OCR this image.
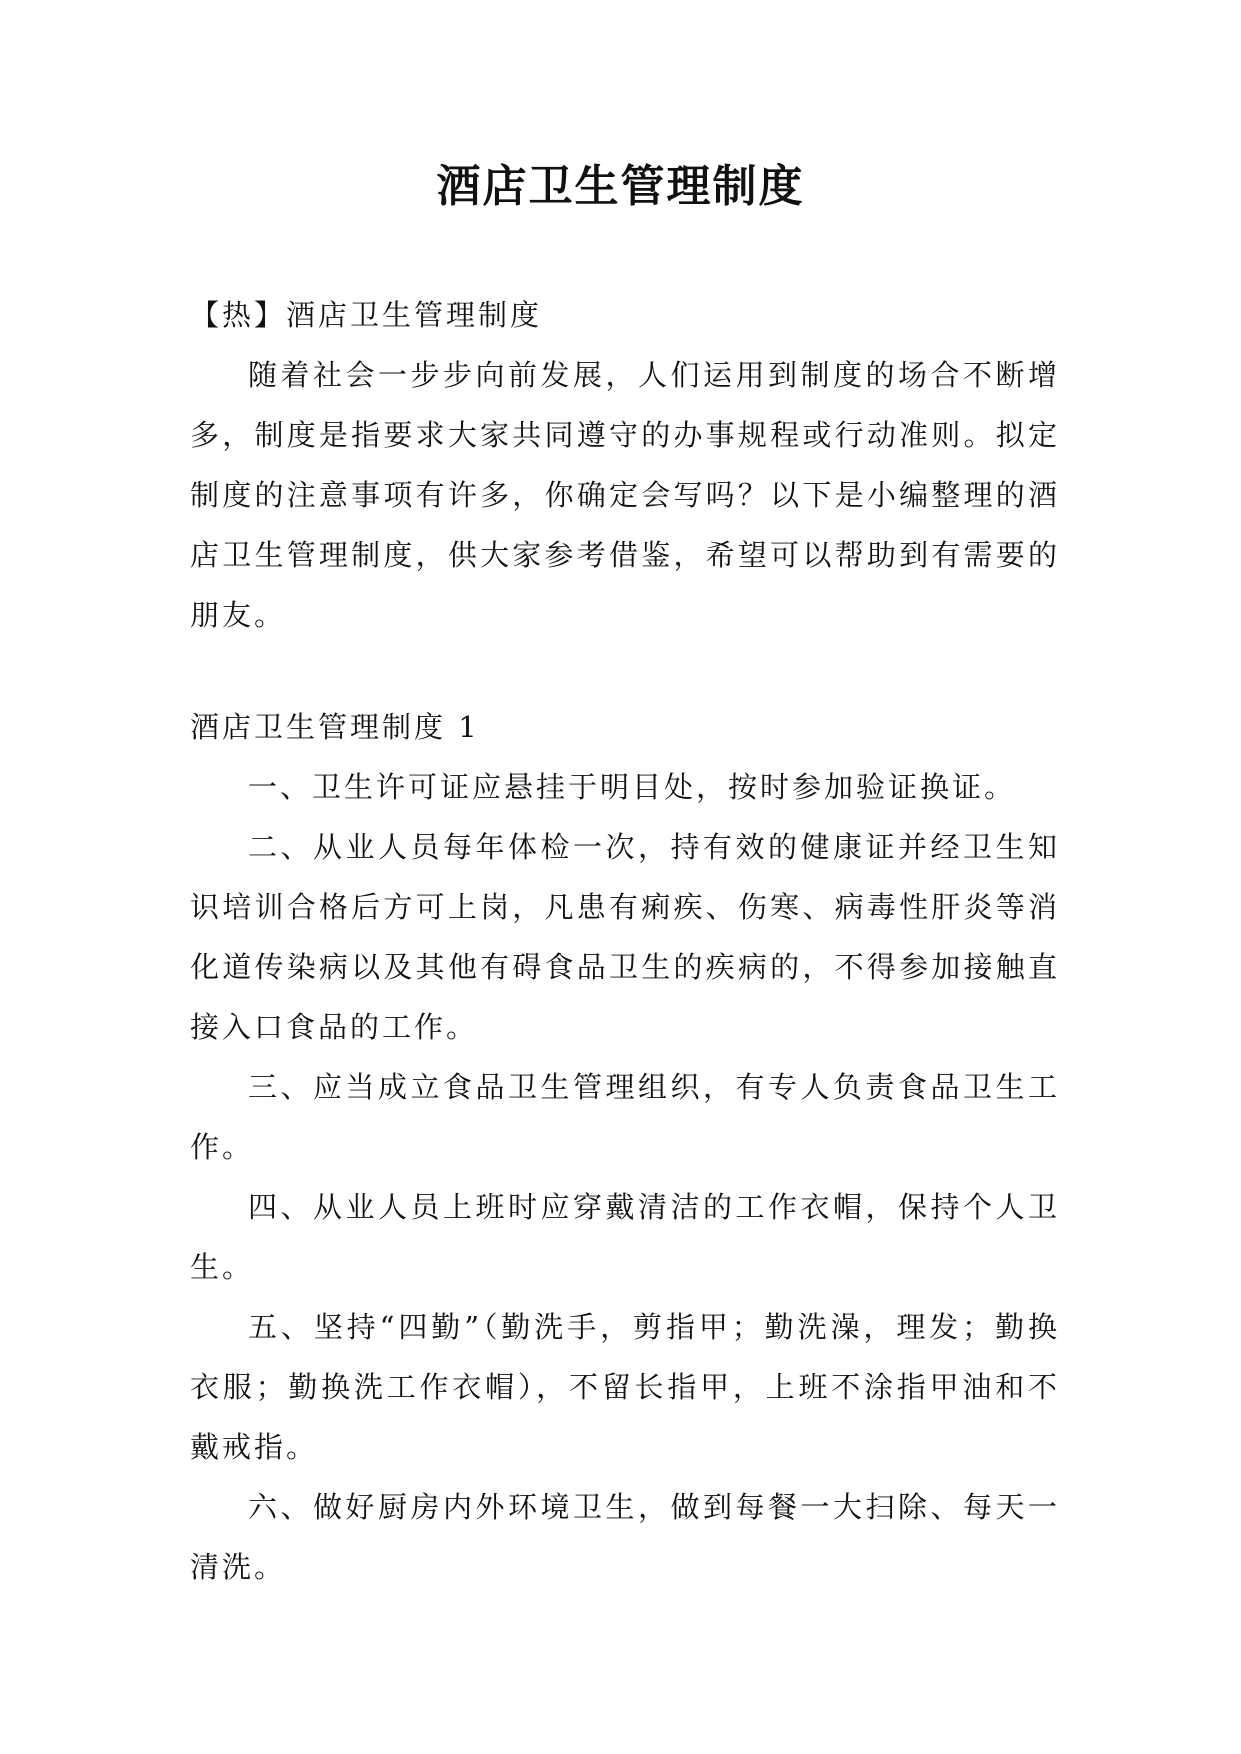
酒店卫生管理制度

【热】酒店卫生管理制度

随着社会一步步向前发展，人们运用到制度的场合不断增多，制度是指要求大家共同遵守的办事规程或行动准则。拟定制度的注意事项有许多，你确定会写吗？以下是小编整理的酒店卫生管理制度，供大家参考借鉴，希望可以帮助到有需要的朋友。

酒店卫生管理制度 1

一、卫生许可证应悬挂于明目处，按时参加验证换证。

二、从业人员每年体检一次，持有效的健康证并经卫生知识培训合格后方可上岗，凡患有痢疾、伤寒、病毒性肝炎等消化道传染病以及其他有碍食品卫生的疾病的，不得参加接触直接入口食品的工作。

三、应当成立食品卫生管理组织，有专人负责食品卫生工作。

四、从业人员上班时应穿戴清洁的工作衣帽，保持个人卫生。

五、坚持“四勤”（勤洗手，剪指甲；勤洗澡，理发；勤换衣服；勤换洗工作衣帽），不留长指甲，上班不涂指甲油和不戴戒指。

六、做好厨房内外环境卫生，做到每餐一大扫除、每天一清洗。
